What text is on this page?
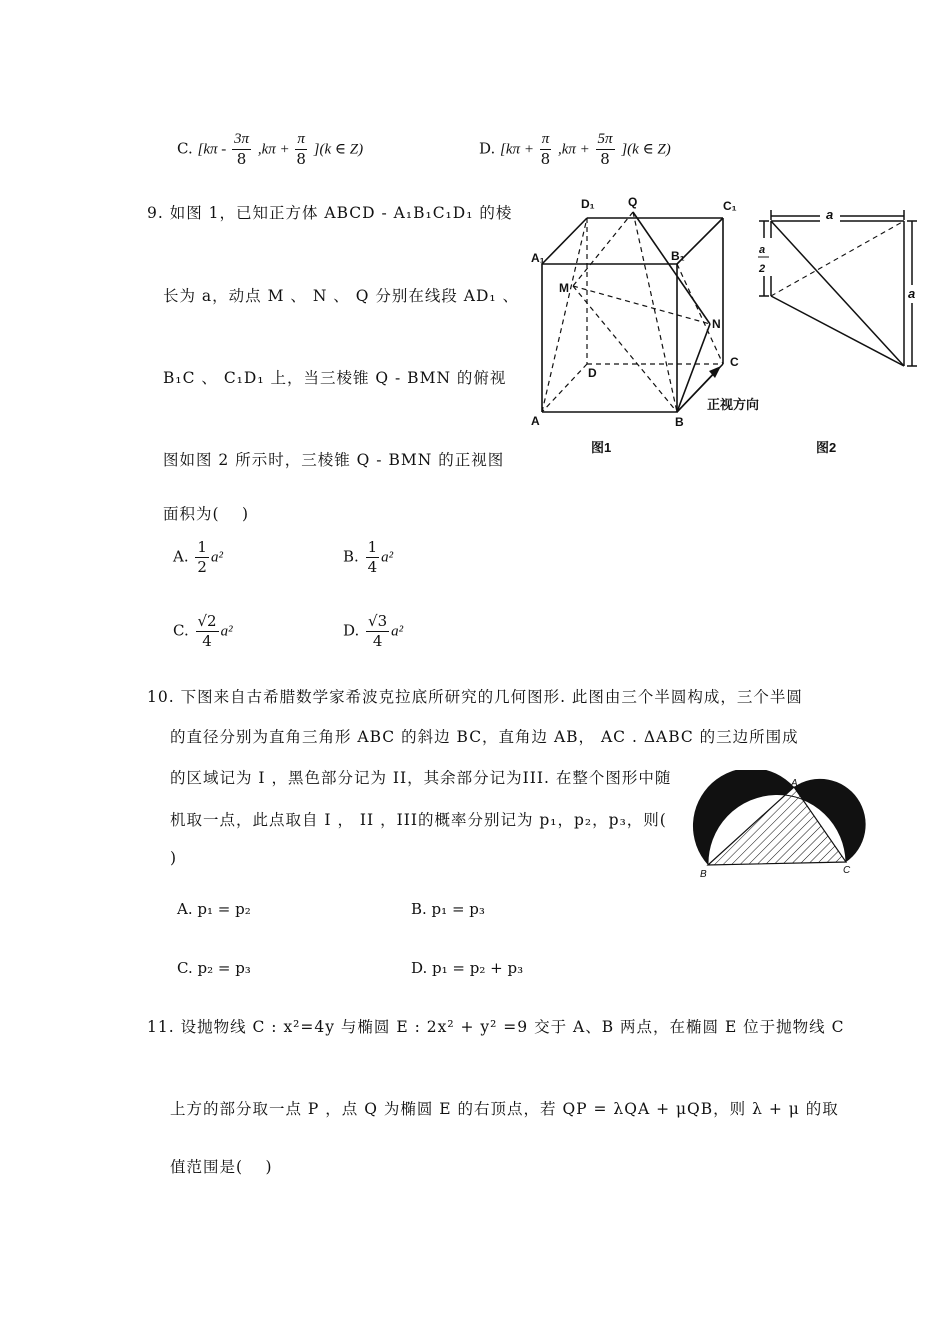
C. $[k\pi - \frac{3\pi}{8} ,k\pi + \frac{\pi}{8} ](k$ ∈ Z)	D. $[k\pi + \frac{\pi}{8} ,k\pi + \frac{5\pi}{8} ](k$ ∈ Z)
9. 如图 1，已知正方体 ABCD - A₁B₁C₁D₁ 的棱
长为 a，动点 M 、 N 、 Q 分别在线段 AD₁ 、
B₁C 、 C₁D₁ 上，当三棱锥 Q - BMN 的俯视
图如图 2 所示时，三棱锥 Q - BMN 的正视图
面积为(　 )
A. $\frac{1}{2} a^2$	B. $\frac{1}{4} a^2$
C. $\frac{√2}{4} a^2$	D. $\frac{√3}{4} a^2$
D₁	Q	C₁
A₁	B₁
M
N
D
C
A	B
正视方向
图1
a
a
a
2
图2
10. 下图来自古希腊数学家希波克拉底所研究的几何图形. 此图由三个半圆构成，三个半圆
的直径分别为直角三角形 ABC 的斜边 BC，直角边 AB， AC . ΔABC 的三边所围成
的区域记为 I ，黑色部分记为 II，其余部分记为III. 在整个图形中随
机取一点，此点取自 I ， II ，III的概率分别记为 p₁，p₂，p₃，则(
)
A. p₁ = p₂	B. p₁ = p₃
C. p₂ = p₃	D. p₁ = p₂ + p₃
A
B	C
11. 设抛物线 C : x²=4y 与椭圆 E : 2x² + y² =9 交于 A、B 两点，在椭圆 E 位于抛物线 C
上方的部分取一点 P ，点 Q 为椭圆 E 的右顶点，若 QP = λQA + μQB，则 λ + μ 的取
值范围是(　 )
